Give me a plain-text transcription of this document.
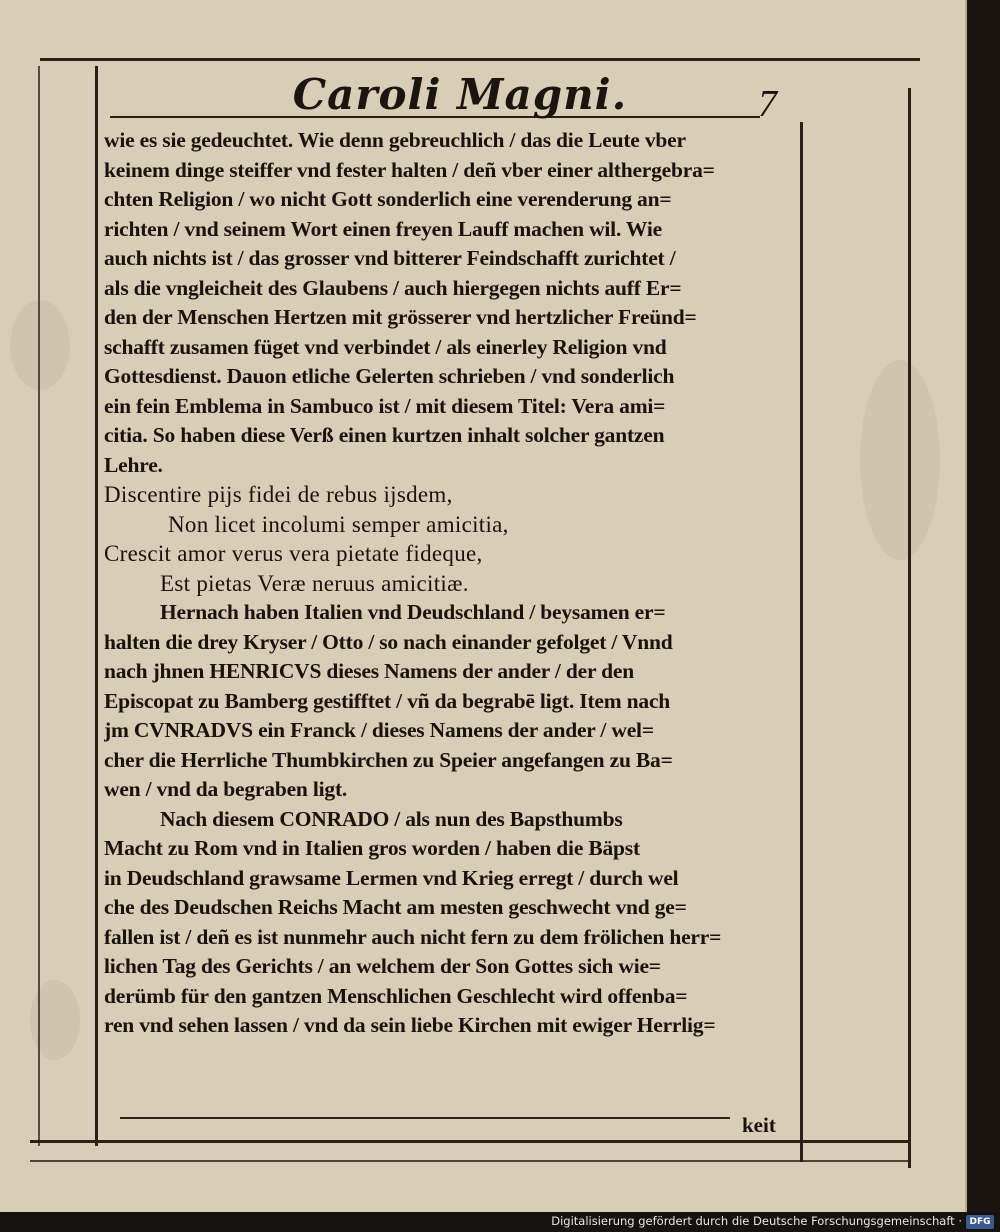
Caroli Magni.	7
wie es sie gedeuchtet. Wie denn gebreuchlich / das die Leute vber
keinem dinge steiffer vnd fester halten / deñ vber einer althergebra=
chten Religion / wo nicht Gott sonderlich eine verenderung an=
richten / vnd seinem Wort einen freyen Lauff machen wil. Wie
auch nichts ist / das grosser vnd bitterer Feindschafft zurichtet /
als die vngleicheit des Glaubens / auch hiergegen nichts auff Er=
den der Menschen Hertzen mit grösserer vnd hertzlicher Freünd=
schafft zusamen füget vnd verbindet / als einerley Religion vnd
Gottesdienst. Dauon etliche Gelerten schrieben / vnd sonderlich
ein fein Emblema in Sambuco ist / mit diesem Titel: Vera ami=
citia. So haben diese Verß einen kurtzen inhalt solcher gantzen
Lehre.
Discentire pijs fidei de rebus ijsdem,
Non licet incolumi semper amicitia,
Crescit amor verus vera pietate fideque,
Est pietas Veræ neruus amicitiæ.
Hernach haben Italien vnd Deudschland / beysamen er=
halten die drey Kryser / Otto / so nach einander gefolget / Vnnd
nach jhnen HENRICVS dieses Namens der ander / der den
Episcopat zu Bamberg gestifftet / vñ da begrabē ligt. Item nach
jm CVNRADVS ein Franck / dieses Namens der ander / wel=
cher die Herrliche Thumbkirchen zu Speier angefangen zu Ba=
wen / vnd da begraben ligt.
Nach diesem CONRADO / als nun des Bapsthumbs
Macht zu Rom vnd in Italien gros worden / haben die Bäpst
in Deudschland grawsame Lermen vnd Krieg erregt / durch wel
che des Deudschen Reichs Macht am mesten geschwecht vnd ge=
fallen ist / deñ es ist nunmehr auch nicht fern zu dem frölichen herr=
lichen Tag des Gerichts / an welchem der Son Gottes sich wie=
derümb für den gantzen Menschlichen Geschlecht wird offenba=
ren vnd sehen lassen / vnd da sein liebe Kirchen mit ewiger Herrlig=
keit
Digitalisierung gefördert durch die Deutsche Forschungsgemeinschaft · DFG
